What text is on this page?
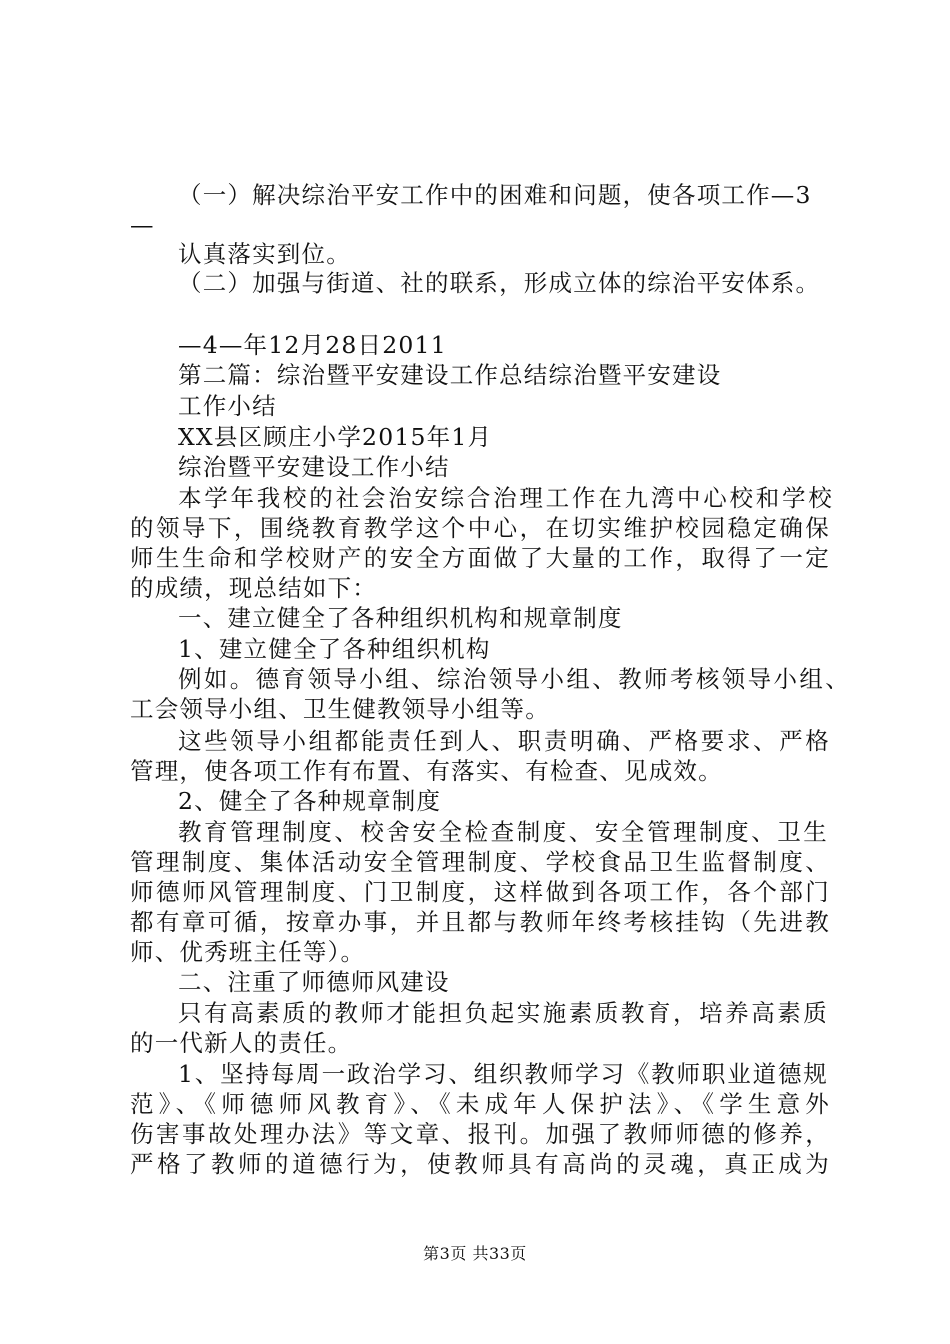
（一）解决综治平安工作中的困难和问题，使各项工作—3
—
认真落实到位。
（二）加强与街道、社的联系，形成立体的综治平安体系。
—4—年12月28日2011
第二篇：综治暨平安建设工作总结综治暨平安建设
工作小结
XX县区顾庄小学2015年1月
综治暨平安建设工作小结
本学年我校的社会治安综合治理工作在九湾中心校和学校
的领导下，围绕教育教学这个中心，在切实维护校园稳定确保
师生生命和学校财产的安全方面做了大量的工作，取得了一定
的成绩，现总结如下：
一、建立健全了各种组织机构和规章制度
1、建立健全了各种组织机构
例如。德育领导小组、综治领导小组、教师考核领导小组、
工会领导小组、卫生健教领导小组等。
这些领导小组都能责任到人、职责明确、严格要求、严格
管理，使各项工作有布置、有落实、有检查、见成效。
2、健全了各种规章制度
教育管理制度、校舍安全检查制度、安全管理制度、卫生
管理制度、集体活动安全管理制度、学校食品卫生监督制度、
师德师风管理制度、门卫制度，这样做到各项工作，各个部门
都有章可循，按章办事，并且都与教师年终考核挂钩（先进教
师、优秀班主任等）。
二、注重了师德师风建设
只有高素质的教师才能担负起实施素质教育，培养高素质
的一代新人的责任。
1、坚持每周一政治学习、组织教师学习《教师职业道德规
范》、《师德师风教育》、《未成年人保护法》、《学生意外
伤害事故处理办法》等文章、报刊。加强了教师师德的修养，
严格了教师的道德行为，使教师具有高尚的灵魂，真正成为
第3页 共33页
